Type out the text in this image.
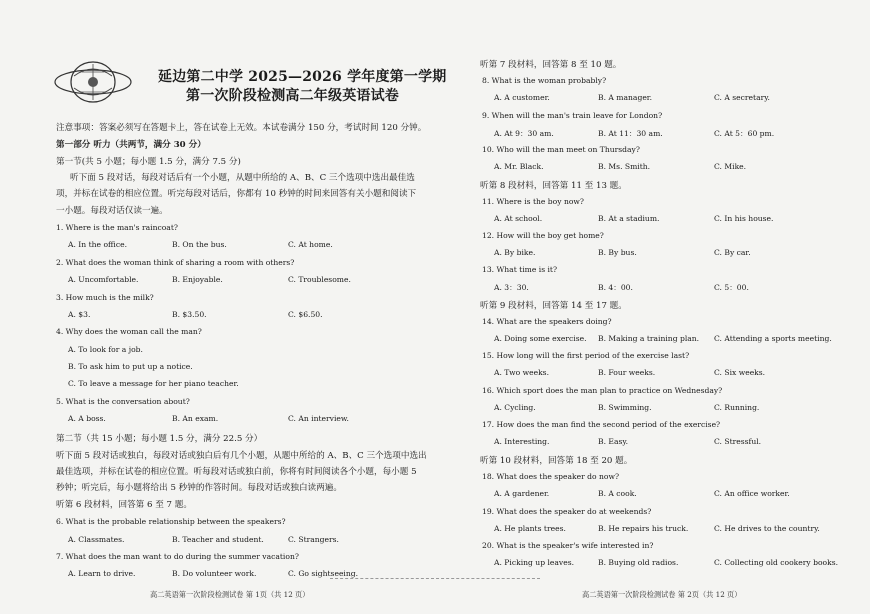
延边第二中学 2025—2026 学年度第一学期
第一次阶段检测高二年级英语试卷
注意事项：答案必须写在答题卡上，答在试卷上无效。本试卷满分 150 分，考试时间 120 分钟。
第一部分 听力（共两节，满分 30 分）
第一节(共 5 小题；每小题 1.5 分，满分 7.5 分)
听下面 5 段对话，每段对话后有一个小题，从题中所给的 A、B、C 三个选项中选出最佳选
项，并标在试卷的相应位置。听完每段对话后，你都有 10 秒钟的时间来回答有关小题和阅读下
一小题。每段对话仅读一遍。
1. Where is the man's raincoat?
A. In the office.	B. On the bus.	C. At home.
2. What does the woman think of sharing a room with others?
A. Uncomfortable.	B. Enjoyable.	C. Troublesome.
3. How much is the milk?
A. $3.	B. $3.50.	C. $6.50.
4. Why does the woman call the man?
A. To look for a job.
B. To ask him to put up a notice.
C. To leave a message for her piano teacher.
5. What is the conversation about?
A. A boss.	B. An exam.	C. An interview.
第二节（共 15 小题；每小题 1.5 分，满分 22.5 分）
听下面 5 段对话或独白，每段对话或独白后有几个小题，从题中所给的 A、B、C 三个选项中选出
最佳选项，并标在试卷的相应位置。听每段对话或独白前，你将有时间阅读各个小题，每小题 5
秒钟；听完后，每小题将给出 5 秒钟的作答时间。每段对话或独白读两遍。
听第 6 段材料，回答第 6 至 7 题。
6. What is the probable relationship between the speakers?
A. Classmates.	B. Teacher and student.	C. Strangers.
7. What does the man want to do during the summer vacation?
A. Learn to drive.	B. Do volunteer work.	C. Go sightseeing.
高二英语第一次阶段检测试卷 第 1页（共 12 页）
听第 7 段材料，回答第 8 至 10 题。
8. What is the woman probably?
A. A customer.	B. A manager.	C. A secretary.
9. When will the man's train leave for London?
A. At 9：30 am.	B. At 11：30 am.	C. At 5：60 pm.
10. Who will the man meet on Thursday?
A. Mr. Black.	B. Ms. Smith.	C. Mike.
听第 8 段材料，回答第 11 至 13 题。
11. Where is the boy now?
A. At school.	B. At a stadium.	C. In his house.
12. How will the boy get home?
A. By bike.	B. By bus.	C. By car.
13. What time is it?
A. 3：30.	B. 4：00.	C. 5：00.
听第 9 段材料，回答第 14 至 17 题。
14. What are the speakers doing?
A. Doing some exercise. B. Making a training plan. C. Attending a sports meeting.
15. How long will the first period of the exercise last?
A. Two weeks.	B. Four weeks.	C. Six weeks.
16. Which sport does the man plan to practice on Wednesday?
A. Cycling.	B. Swimming.	C. Running.
17. How does the man find the second period of the exercise?
A. Interesting.	B. Easy.	C. Stressful.
听第 10 段材料，回答第 18 至 20 题。
18. What does the speaker do now?
A. A gardener.	B. A cook.	C. An office worker.
19. What does the speaker do at weekends?
A. He plants trees.	B. He repairs his truck.	C. He drives to the country.
20. What is the speaker's wife interested in?
A. Picking up leaves.	B. Buying old radios.	C. Collecting old cookery books.
高二英语第一次阶段检测试卷 第 2页（共 12 页）
